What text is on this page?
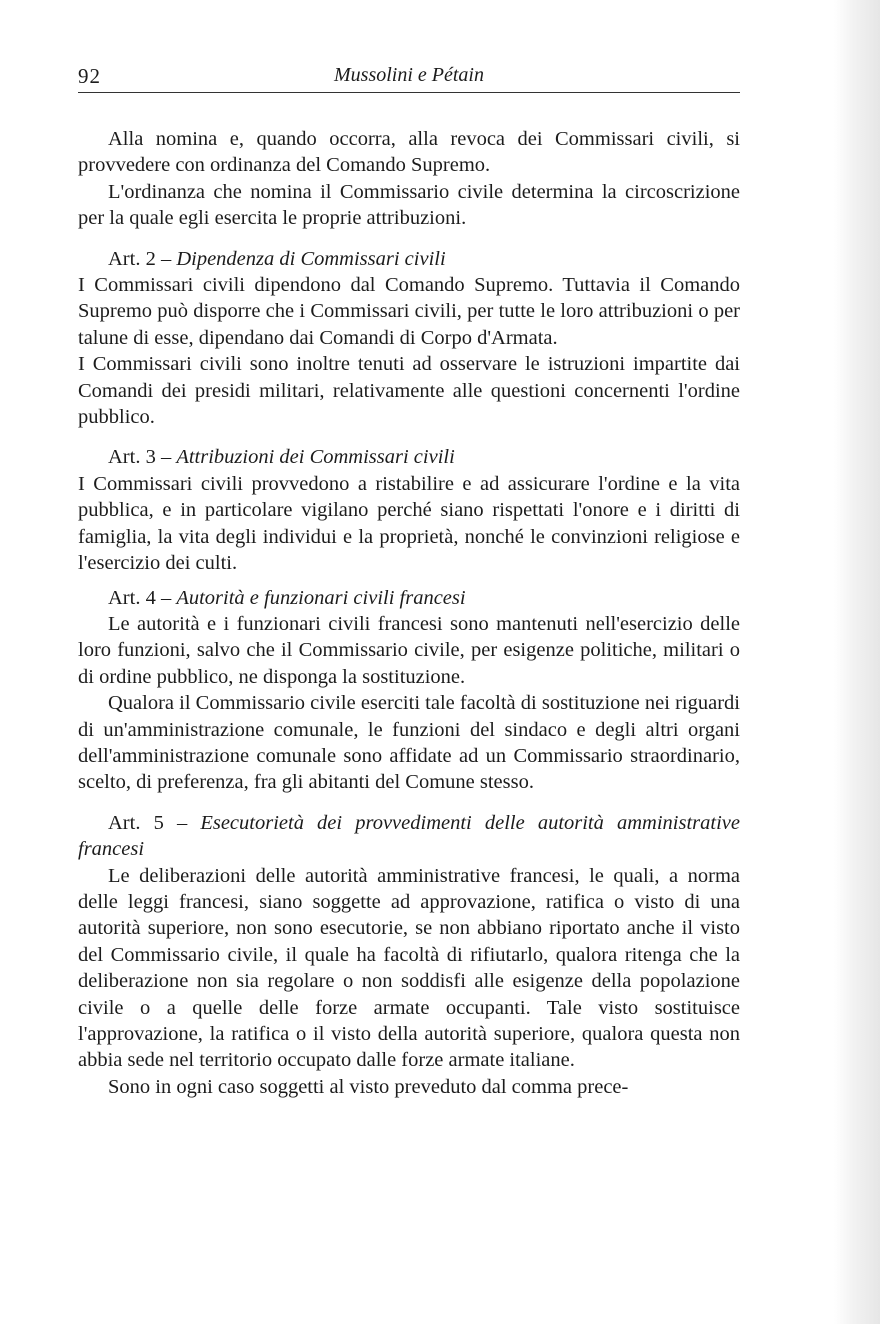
92	Mussolini e Pétain

Alla nomina e, quando occorra, alla revoca dei Commissari civili, si provvedere con ordinanza del Comando Supremo.

L'ordinanza che nomina il Commissario civile determina la circoscrizione per la quale egli esercita le proprie attribuzioni.

Art. 2 – Dipendenza di Commissari civili

I Commissari civili dipendono dal Comando Supremo. Tuttavia il Comando Supremo può disporre che i Commissari civili, per tutte le loro attribuzioni o per talune di esse, dipendano dai Comandi di Corpo d'Armata.

I Commissari civili sono inoltre tenuti ad osservare le istruzioni impartite dai Comandi dei presidi militari, relativamente alle questioni concernenti l'ordine pubblico.

Art. 3 – Attribuzioni dei Commissari civili

I Commissari civili provvedono a ristabilire e ad assicurare l'ordine e la vita pubblica, e in particolare vigilano perché siano rispettati l'onore e i diritti di famiglia, la vita degli individui e la proprietà, nonché le convinzioni religiose e l'esercizio dei culti.

Art. 4 – Autorità e funzionari civili francesi

Le autorità e i funzionari civili francesi sono mantenuti nell'esercizio delle loro funzioni, salvo che il Commissario civile, per esigenze politiche, militari o di ordine pubblico, ne disponga la sostituzione.

Qualora il Commissario civile eserciti tale facoltà di sostituzione nei riguardi di un'amministrazione comunale, le funzioni del sindaco e degli altri organi dell'amministrazione comunale sono affidate ad un Commissario straordinario, scelto, di preferenza, fra gli abitanti del Comune stesso.

Art. 5 – Esecutorietà dei provvedimenti delle autorità amministrative francesi

Le deliberazioni delle autorità amministrative francesi, le quali, a norma delle leggi francesi, siano soggette ad approvazione, ratifica o visto di una autorità superiore, non sono esecutorie, se non abbiano riportato anche il visto del Commissario civile, il quale ha facoltà di rifiutarlo, qualora ritenga che la deliberazione non sia regolare o non soddisfi alle esigenze della popolazione civile o a quelle delle forze armate occupanti. Tale visto sostituisce l'approvazione, la ratifica o il visto della autorità superiore, qualora questa non abbia sede nel territorio occupato dalle forze armate italiane.

Sono in ogni caso soggetti al visto preveduto dal comma prece-
